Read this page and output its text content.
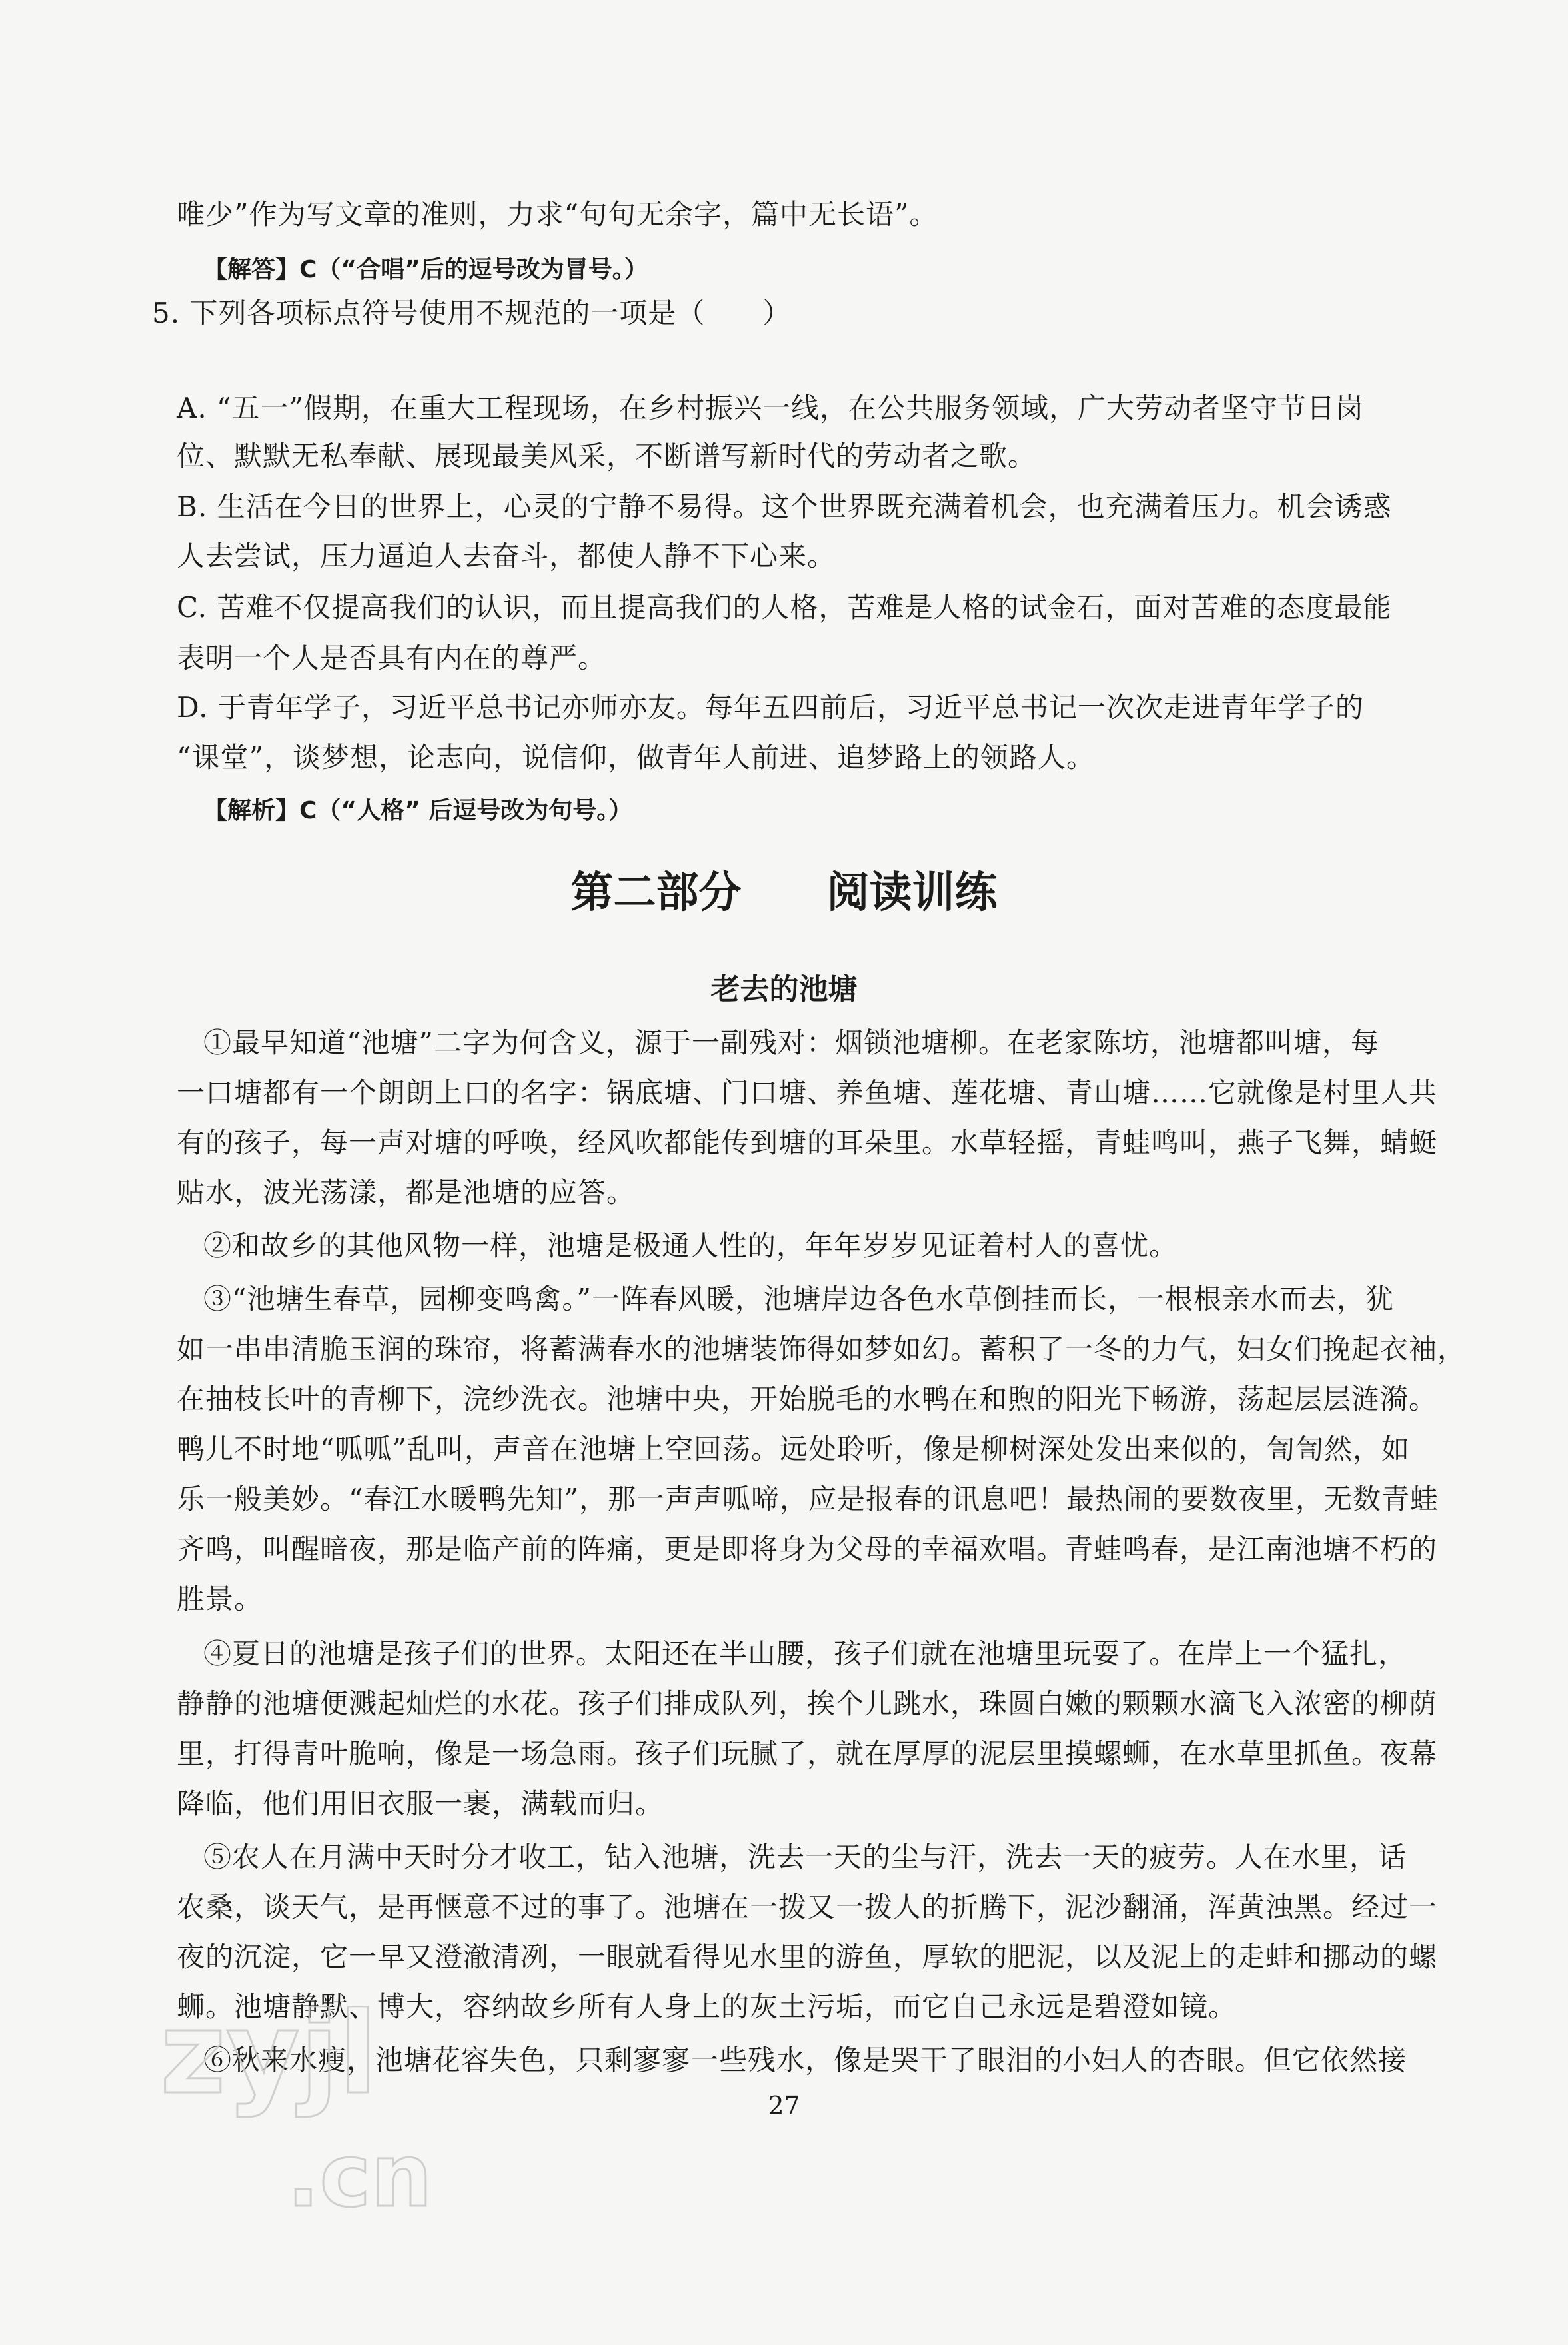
唯少”作为写文章的准则，力求“句句无余字，篇中无长语”。
【解答】C（“合唱”后的逗号改为冒号。）
5. 下列各项标点符号使用不规范的一项是（　　）
A. “五一”假期，在重大工程现场，在乡村振兴一线，在公共服务领域，广大劳动者坚守节日岗
位、默默无私奉献、展现最美风采，不断谱写新时代的劳动者之歌。
B. 生活在今日的世界上，心灵的宁静不易得。这个世界既充满着机会，也充满着压力。机会诱惑
人去尝试，压力逼迫人去奋斗，都使人静不下心来。
C. 苦难不仅提高我们的认识，而且提高我们的人格，苦难是人格的试金石，面对苦难的态度最能
表明一个人是否具有内在的尊严。
D. 于青年学子，习近平总书记亦师亦友。每年五四前后，习近平总书记一次次走进青年学子的
“课堂”，谈梦想，论志向，说信仰，做青年人前进、追梦路上的领路人。
【解析】C（“人格” 后逗号改为句号。）
第二部分　　阅读训练
老去的池塘
①最早知道“池塘”二字为何含义，源于一副残对：烟锁池塘柳。在老家陈坊，池塘都叫塘，每
一口塘都有一个朗朗上口的名字：锅底塘、门口塘、养鱼塘、莲花塘、青山塘……它就像是村里人共
有的孩子，每一声对塘的呼唤，经风吹都能传到塘的耳朵里。水草轻摇，青蛙鸣叫，燕子飞舞，蜻蜓
贴水，波光荡漾，都是池塘的应答。
②和故乡的其他风物一样，池塘是极通人性的，年年岁岁见证着村人的喜忧。
③“池塘生春草，园柳变鸣禽。”一阵春风暖，池塘岸边各色水草倒挂而长，一根根亲水而去，犹
如一串串清脆玉润的珠帘，将蓄满春水的池塘装饰得如梦如幻。蓄积了一冬的力气，妇女们挽起衣袖，
在抽枝长叶的青柳下，浣纱洗衣。池塘中央，开始脱毛的水鸭在和煦的阳光下畅游，荡起层层涟漪。
鸭儿不时地“呱呱”乱叫，声音在池塘上空回荡。远处聆听，像是柳树深处发出来似的，訇訇然，如
乐一般美妙。“春江水暖鸭先知”，那一声声呱啼，应是报春的讯息吧！最热闹的要数夜里，无数青蛙
齐鸣，叫醒暗夜，那是临产前的阵痛，更是即将身为父母的幸福欢唱。青蛙鸣春，是江南池塘不朽的
胜景。
④夏日的池塘是孩子们的世界。太阳还在半山腰，孩子们就在池塘里玩耍了。在岸上一个猛扎，
静静的池塘便溅起灿烂的水花。孩子们排成队列，挨个儿跳水，珠圆白嫩的颗颗水滴飞入浓密的柳荫
里，打得青叶脆响，像是一场急雨。孩子们玩腻了，就在厚厚的泥层里摸螺蛳，在水草里抓鱼。夜幕
降临，他们用旧衣服一裹，满载而归。
⑤农人在月满中天时分才收工，钻入池塘，洗去一天的尘与汗，洗去一天的疲劳。人在水里，话
农桑，谈天气，是再惬意不过的事了。池塘在一拨又一拨人的折腾下，泥沙翻涌，浑黄浊黑。经过一
夜的沉淀，它一早又澄澈清冽，一眼就看得见水里的游鱼，厚软的肥泥，以及泥上的走蚌和挪动的螺
蛳。池塘静默、博大，容纳故乡所有人身上的灰土污垢，而它自己永远是碧澄如镜。
⑥秋来水瘦，池塘花容失色，只剩寥寥一些残水，像是哭干了眼泪的小妇人的杏眼。但它依然接
27
zyjl
.cn
